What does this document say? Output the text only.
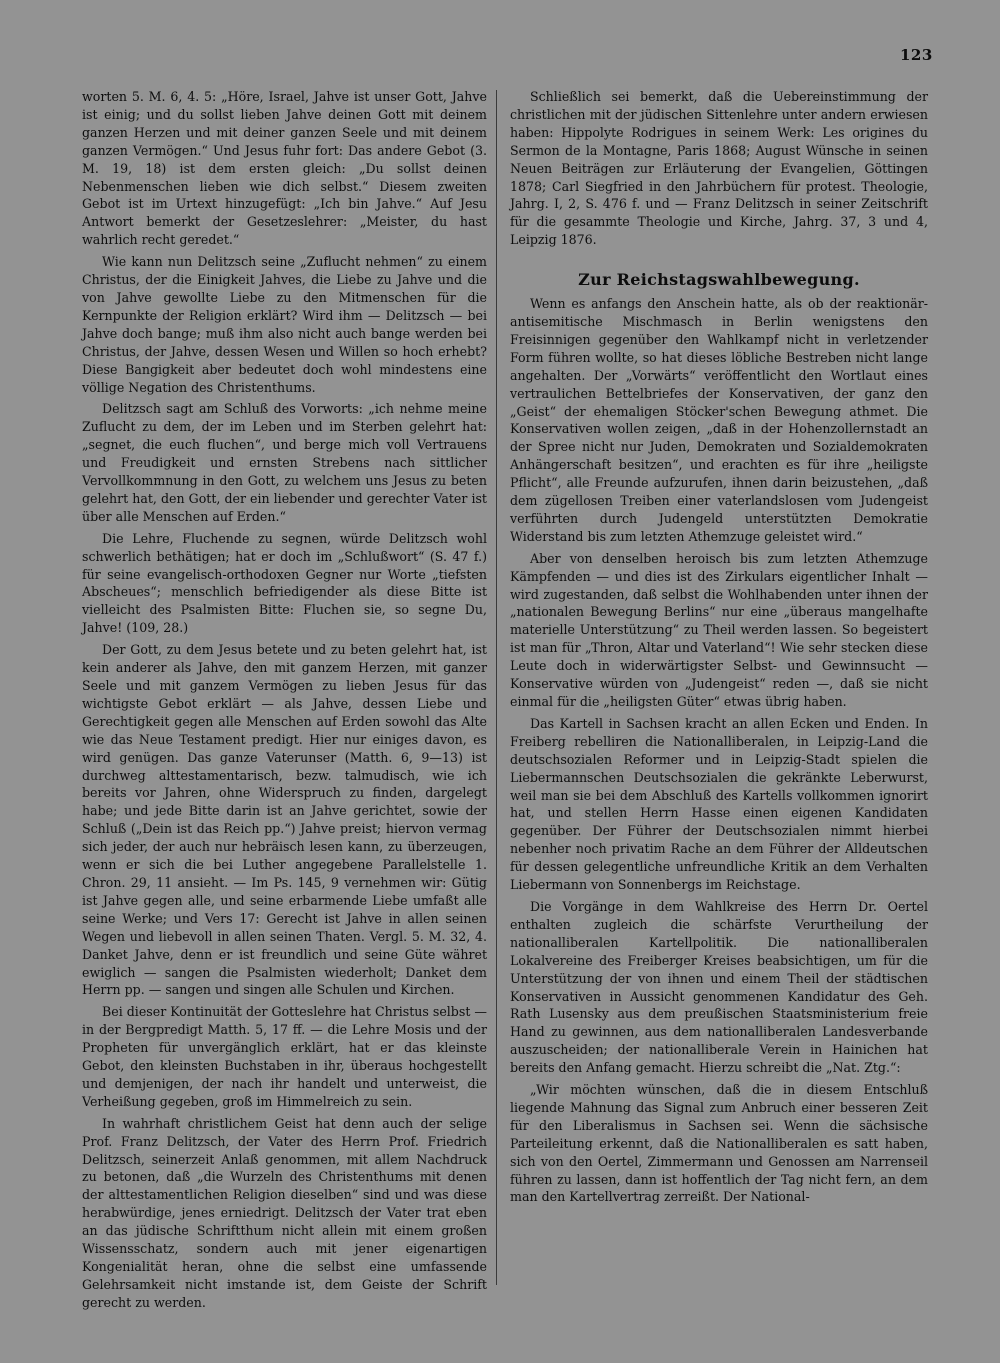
123

worten 5. M. 6, 4. 5: „Höre, Israel, Jahve ist unser Gott, Jahve ist einig; und du sollst lieben Jahve deinen Gott mit deinem ganzen Herzen und mit deiner ganzen Seele und mit deinem ganzen Vermögen.“ Und Jesus fuhr fort: Das andere Gebot (3. M. 19, 18) ist dem ersten gleich: „Du sollst deinen Nebenmenschen lieben wie dich selbst.“ Diesem zweiten Gebot ist im Urtext hinzugefügt: „Ich bin Jahve.“ Auf Jesu Antwort bemerkt der Gesetzeslehrer: „Meister, du hast wahrlich recht geredet.“

Wie kann nun Delitzsch seine „Zuflucht nehmen“ zu einem Christus, der die Einigkeit Jahves, die Liebe zu Jahve und die von Jahve gewollte Liebe zu den Mitmenschen für die Kernpunkte der Religion erklärt? Wird ihm — Delitzsch — bei Jahve doch bange; muß ihm also nicht auch bange werden bei Christus, der Jahve, dessen Wesen und Willen so hoch erhebt? Diese Bangigkeit aber bedeutet doch wohl mindestens eine völlige Negation des Christenthums.

Delitzsch sagt am Schluß des Vorworts: „ich nehme meine Zuflucht zu dem, der im Leben und im Sterben gelehrt hat: „segnet, die euch fluchen“, und berge mich voll Vertrauens und Freudigkeit und ernsten Strebens nach sittlicher Vervollkommnung in den Gott, zu welchem uns Jesus zu beten gelehrt hat, den Gott, der ein liebender und gerechter Vater ist über alle Menschen auf Erden.“

Die Lehre, Fluchende zu segnen, würde Delitzsch wohl schwerlich bethätigen; hat er doch im „Schlußwort“ (S. 47 f.) für seine evangelisch-orthodoxen Gegner nur Worte „tiefsten Abscheues“; menschlich befriedigender als diese Bitte ist vielleicht des Psalmisten Bitte: Fluchen sie, so segne Du, Jahve! (109, 28.)

Der Gott, zu dem Jesus betete und zu beten gelehrt hat, ist kein anderer als Jahve, den mit ganzem Herzen, mit ganzer Seele und mit ganzem Vermögen zu lieben Jesus für das wichtigste Gebot erklärt — als Jahve, dessen Liebe und Gerechtigkeit gegen alle Menschen auf Erden sowohl das Alte wie das Neue Testament predigt. Hier nur einiges davon, es wird genügen. Das ganze Vaterunser (Matth. 6, 9—13) ist durchweg alttestamentarisch, bezw. talmudisch, wie ich bereits vor Jahren, ohne Widerspruch zu finden, dargelegt habe; und jede Bitte darin ist an Jahve gerichtet, sowie der Schluß („Dein ist das Reich pp.“) Jahve preist; hiervon vermag sich jeder, der auch nur hebräisch lesen kann, zu überzeugen, wenn er sich die bei Luther angegebene Parallelstelle 1. Chron. 29, 11 ansieht. — Im Ps. 145, 9 vernehmen wir: Gütig ist Jahve gegen alle, und seine erbarmende Liebe umfaßt alle seine Werke; und Vers 17: Gerecht ist Jahve in allen seinen Wegen und liebevoll in allen seinen Thaten. Vergl. 5. M. 32, 4. Danket Jahve, denn er ist freundlich und seine Güte währet ewiglich — sangen die Psalmisten wiederholt; Danket dem Herrn pp. — sangen und singen alle Schulen und Kirchen.

Bei dieser Kontinuität der Gotteslehre hat Christus selbst — in der Bergpredigt Matth. 5, 17 ff. — die Lehre Mosis und der Propheten für unvergänglich erklärt, hat er das kleinste Gebot, den kleinsten Buchstaben in ihr, überaus hochgestellt und demjenigen, der nach ihr handelt und unterweist, die Verheißung gegeben, groß im Himmelreich zu sein.

In wahrhaft christlichem Geist hat denn auch der selige Prof. Franz Delitzsch, der Vater des Herrn Prof. Friedrich Delitzsch, seinerzeit Anlaß genommen, mit allem Nachdruck zu betonen, daß „die Wurzeln des Christenthums mit denen der alttestamentlichen Religion dieselben“ sind und was diese herabwürdige, jenes erniedrigt. Delitzsch der Vater trat eben an das jüdische Schriftthum nicht allein mit einem großen Wissensschatz, sondern auch mit jener eigenartigen Kongenialität heran, ohne die selbst eine umfassende Gelehrsamkeit nicht imstande ist, dem Geiste der Schrift gerecht zu werden.

Schließlich sei bemerkt, daß die Uebereinstimmung der christlichen mit der jüdischen Sittenlehre unter andern erwiesen haben: Hippolyte Rodrigues in seinem Werk: Les origines du Sermon de la Montagne, Paris 1868; August Wünsche in seinen Neuen Beiträgen zur Erläuterung der Evangelien, Göttingen 1878; Carl Siegfried in den Jahrbüchern für protest. Theologie, Jahrg. I, 2, S. 476 f. und — Franz Delitzsch in seiner Zeitschrift für die gesammte Theologie und Kirche, Jahrg. 37, 3 und 4, Leipzig 1876.

Zur Reichstagswahlbewegung.

Wenn es anfangs den Anschein hatte, als ob der reaktionär-antisemitische Mischmasch in Berlin wenigstens den Freisinnigen gegenüber den Wahlkampf nicht in verletzender Form führen wollte, so hat dieses löbliche Bestreben nicht lange angehalten. Der „Vorwärts“ veröffentlicht den Wortlaut eines vertraulichen Bettelbriefes der Konservativen, der ganz den „Geist“ der ehemaligen Stöcker'schen Bewegung athmet. Die Konservativen wollen zeigen, „daß in der Hohenzollernstadt an der Spree nicht nur Juden, Demokraten und Sozialdemokraten Anhängerschaft besitzen“, und erachten es für ihre „heiligste Pflicht“, alle Freunde aufzurufen, ihnen darin beizustehen, „daß dem zügellosen Treiben einer vaterlandslosen vom Judengeist verführten durch Judengeld unterstützten Demokratie Widerstand bis zum letzten Athemzuge geleistet wird.“

Aber von denselben heroisch bis zum letzten Athemzuge Kämpfenden — und dies ist des Zirkulars eigentlicher Inhalt — wird zugestanden, daß selbst die Wohlhabenden unter ihnen der „nationalen Bewegung Berlins“ nur eine „überaus mangelhafte materielle Unterstützung“ zu Theil werden lassen. So begeistert ist man für „Thron, Altar und Vaterland“! Wie sehr stecken diese Leute doch in widerwärtigster Selbst- und Gewinnsucht — Konservative würden von „Judengeist“ reden —, daß sie nicht einmal für die „heiligsten Güter“ etwas übrig haben.

Das Kartell in Sachsen kracht an allen Ecken und Enden. In Freiberg rebelliren die Nationalliberalen, in Leipzig-Land die deutschsozialen Reformer und in Leipzig-Stadt spielen die Liebermannschen Deutschsozialen die gekränkte Leberwurst, weil man sie bei dem Abschluß des Kartells vollkommen ignorirt hat, und stellen Herrn Hasse einen eigenen Kandidaten gegenüber. Der Führer der Deutschsozialen nimmt hierbei nebenher noch privatim Rache an dem Führer der Alldeutschen für dessen gelegentliche unfreundliche Kritik an dem Verhalten Liebermann von Sonnenbergs im Reichstage.

Die Vorgänge in dem Wahlkreise des Herrn Dr. Oertel enthalten zugleich die schärfste Verurtheilung der nationalliberalen Kartellpolitik. Die nationalliberalen Lokalvereine des Freiberger Kreises beabsichtigen, um für die Unterstützung der von ihnen und einem Theil der städtischen Konservativen in Aussicht genommenen Kandidatur des Geh. Rath Lusensky aus dem preußischen Staatsministerium freie Hand zu gewinnen, aus dem nationalliberalen Landesverbande auszuscheiden; der nationalliberale Verein in Hainichen hat bereits den Anfang gemacht. Hierzu schreibt die „Nat. Ztg.“:

„Wir möchten wünschen, daß die in diesem Entschluß liegende Mahnung das Signal zum Anbruch einer besseren Zeit für den Liberalismus in Sachsen sei. Wenn die sächsische Parteileitung erkennt, daß die Nationalliberalen es satt haben, sich von den Oertel, Zimmermann und Genossen am Narrenseil führen zu lassen, dann ist hoffentlich der Tag nicht fern, an dem man den Kartellvertrag zerreißt. Der National-
